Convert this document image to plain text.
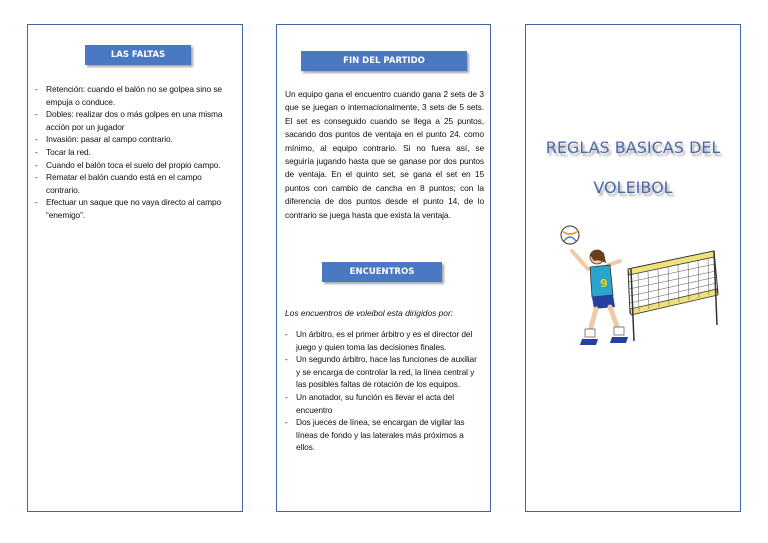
LAS FALTAS
- Retención: cuando el balón no se golpea sino se empuja o conduce.
- Dobles: realizar dos o más golpes en una misma acción por un jugador
- Invasión: pasar al campo contrario.
- Tocar la red.
- Cuando el balón toca el suelo del propio campo.
- Rematar el balón cuando está en el campo contrario.
- Efectuar un saque que no vaya directo al campo “enemigo”.
FIN DEL PARTIDO

Un equipo gana el encuentro cuando gana 2 sets de 3 que se juegan o internacionalmente, 3 sets de 5 sets. El set es conseguido cuando se llega a 25 puntos, sacando dos puntos de ventaja en el punto 24. como mínimo, al equipo contrario. Si no fuera así, se seguiría jugando hasta que se ganase por dos puntos de ventaja. En el quinto set, se gana el set en 15 puntos con cambio de cancha en 8 puntos; con la diferencia de dos puntos desde el punto 14, de lo contrario se juega hasta que exista la ventaja.

ENCUENTROS

Los encuentros de voleibol esta dirigidos por:

- Un árbitro, es el primer árbitro y es el director del juego y quien toma las decisiones finales.
- Un segundo árbitro, hace las funciones de auxiliar y se encarga de controlar la red, la línea central y las posibles faltas de rotación de los equipos.
- Un anotador, su función es llevar el acta del encuentro
- Dos jueces de línea, se encargan de vigilar las líneas de fondo y las laterales más próximos a ellos.
REGLAS BASICAS DEL
VOLEIBOL
9
